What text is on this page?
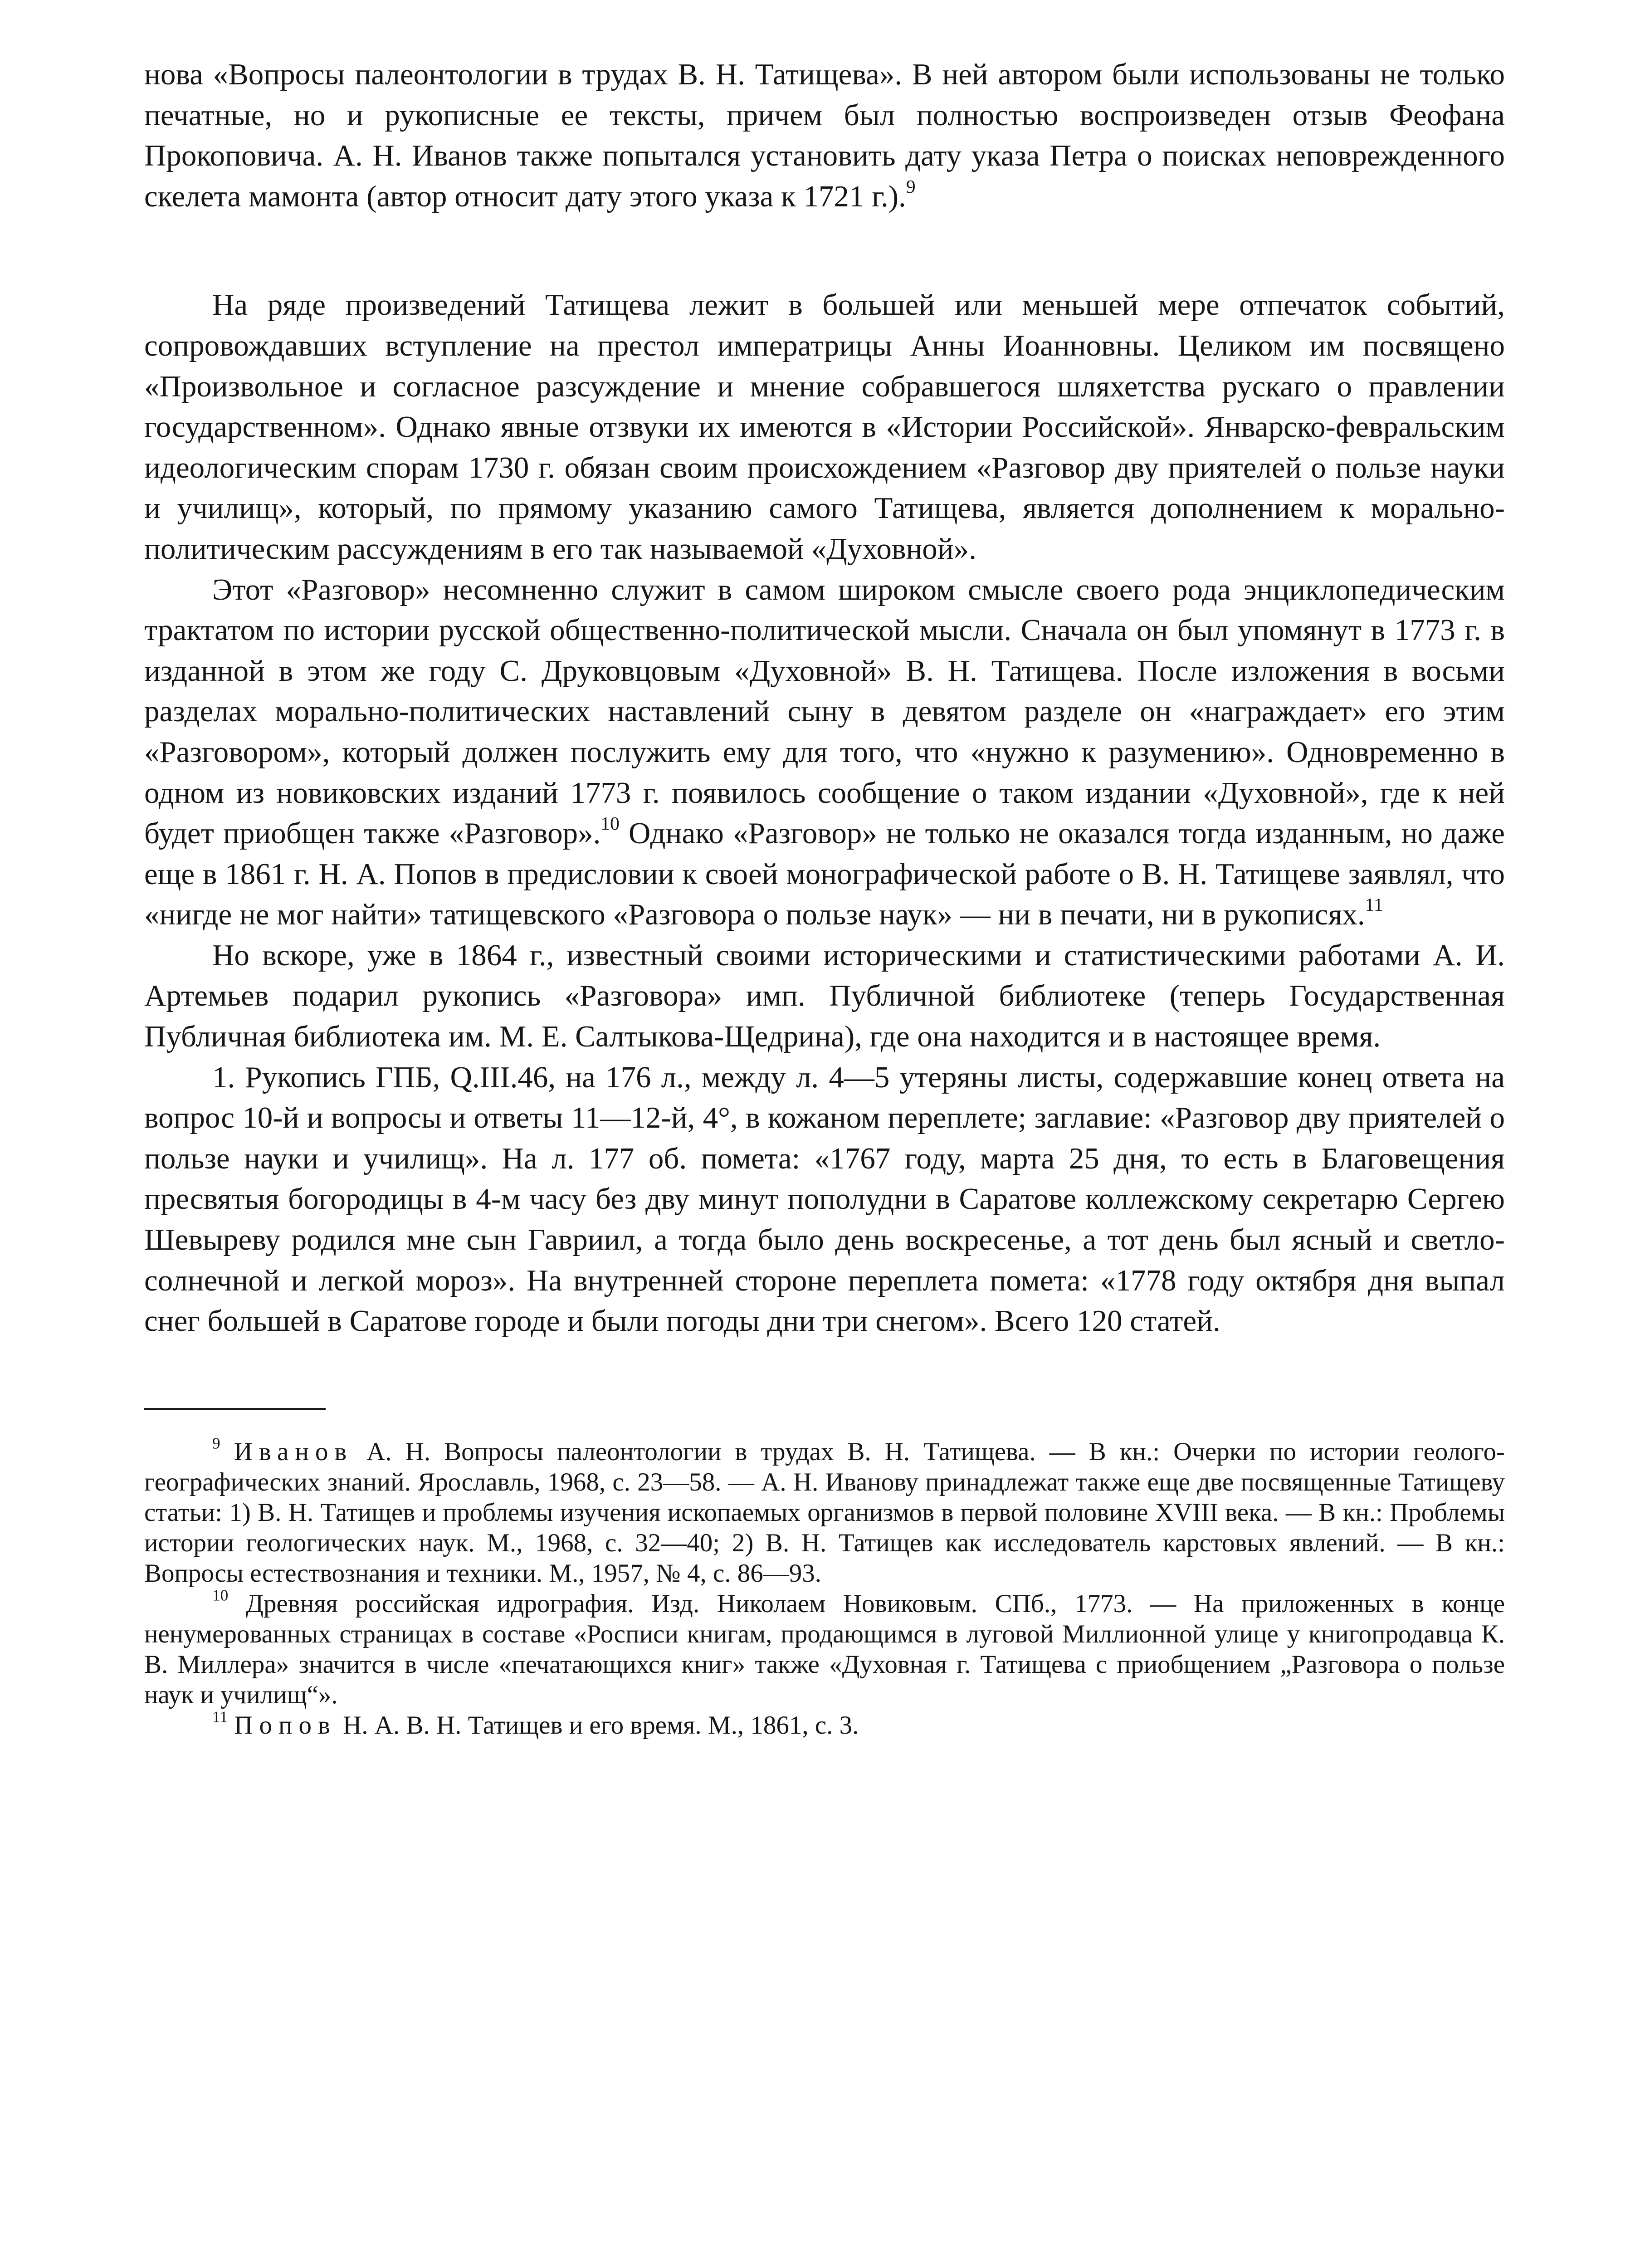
нова «Вопросы палеонтологии в трудах В. Н. Татищева». В ней автором были использованы не только печатные, но и рукописные ее тексты, причем был полностью воспроизведен отзыв Феофана Прокоповича. А. Н. Иванов также попытался установить дату указа Петра о поисках неповрежденного скелета мамонта (автор относит дату этого указа к 1721 г.).$^9$

На ряде произведений Татищева лежит в большей или меньшей мере отпечаток событий, сопровождавших вступление на престол императрицы Анны Иоанновны. Целиком им посвящено «Произвольное и согласное разсуждение и мнение собравшегося шляхетства рускаго о правлении государственном». Однако явные отзвуки их имеются в «Истории Российской». Январско-февральским идеологическим спорам 1730 г. обязан своим происхождением «Разговор дву приятелей о пользе науки и училищ», который, по прямому указанию самого Татищева, является дополнением к морально-политическим рассуждениям в его так называемой «Духовной».

Этот «Разговор» несомненно служит в самом широком смысле своего рода энциклопедическим трактатом по истории русской общественно-политической мысли. Сначала он был упомянут в 1773 г. в изданной в этом же году С. Друковцовым «Духовной» В. Н. Татищева. После изложения в восьми разделах морально-политических наставлений сыну в девятом разделе он «награждает» его этим «Разговором», который должен послужить ему для того, что «нужно к разумению». Одновременно в одном из новиковских изданий 1773 г. появилось сообщение о таком издании «Духовной», где к ней будет приобщен также «Разговор».$^{10}$ Однако «Разговор» не только не оказался тогда изданным, но даже еще в 1861 г. Н. А. Попов в предисловии к своей монографической работе о В. Н. Татищеве заявлял, что «нигде не мог найти» татищевского «Разговора о пользе наук» — ни в печати, ни в рукописях.$^{11}$

Но вскоре, уже в 1864 г., известный своими историческими и статистическими работами А. И. Артемьев подарил рукопись «Разговора» имп. Публичной библиотеке (теперь Государственная Публичная библиотека им. М. Е. Салтыкова-Щедрина), где она находится и в настоящее время.

1. Рукопись ГПБ, Q.III.46, на 176 л., между л. 4—5 утеряны листы, содержавшие конец ответа на вопрос 10-й и вопросы и ответы 11—12-й, 4°, в кожаном переплете; заглавие: «Разговор дву приятелей о пользе науки и училищ». На л. 177 об. помета: «1767 году, марта 25 дня, то есть в Благовещения пресвятыя богородицы в 4-м часу без дву минут пополудни в Саратове коллежскому секретарю Сергею Шевыреву родился мне сын Гавриил, а тогда было день воскресенье, а тот день был ясный и светло-солнечной и легкой мороз». На внутренней стороне переплета помета: «1778 году октября дня выпал снег большей в Саратове городе и были погоды дни три снегом». Всего 120 статей.

$^9$ Иванов А. Н. Вопросы палеонтологии в трудах В. Н. Татищева. — В кн.: Очерки по истории геолого-географических знаний. Ярославль, 1968, с. 23—58. — А. Н. Иванову принадлежат также еще две посвященные Татищеву статьи: 1) В. Н. Татищев и проблемы изучения ископаемых организмов в первой половине XVIII века. — В кн.: Проблемы истории геологических наук. М., 1968, с. 32—40; 2) В. Н. Татищев как исследователь карстовых явлений. — В кн.: Вопросы естествознания и техники. М., 1957, № 4, с. 86—93.

$^{10}$ Древняя российская идрография. Изд. Николаем Новиковым. СПб., 1773. — На приложенных в конце ненумерованных страницах в составе «Росписи книгам, продающимся в луговой Миллионной улице у книгопродавца К. В. Миллера» значится в числе «печатающихся книг» также «Духовная г. Татищева с приобщением „Разговора о пользе наук и училищ“».

$^{11}$ Попов Н. А. В. Н. Татищев и его время. М., 1861, с. 3.
